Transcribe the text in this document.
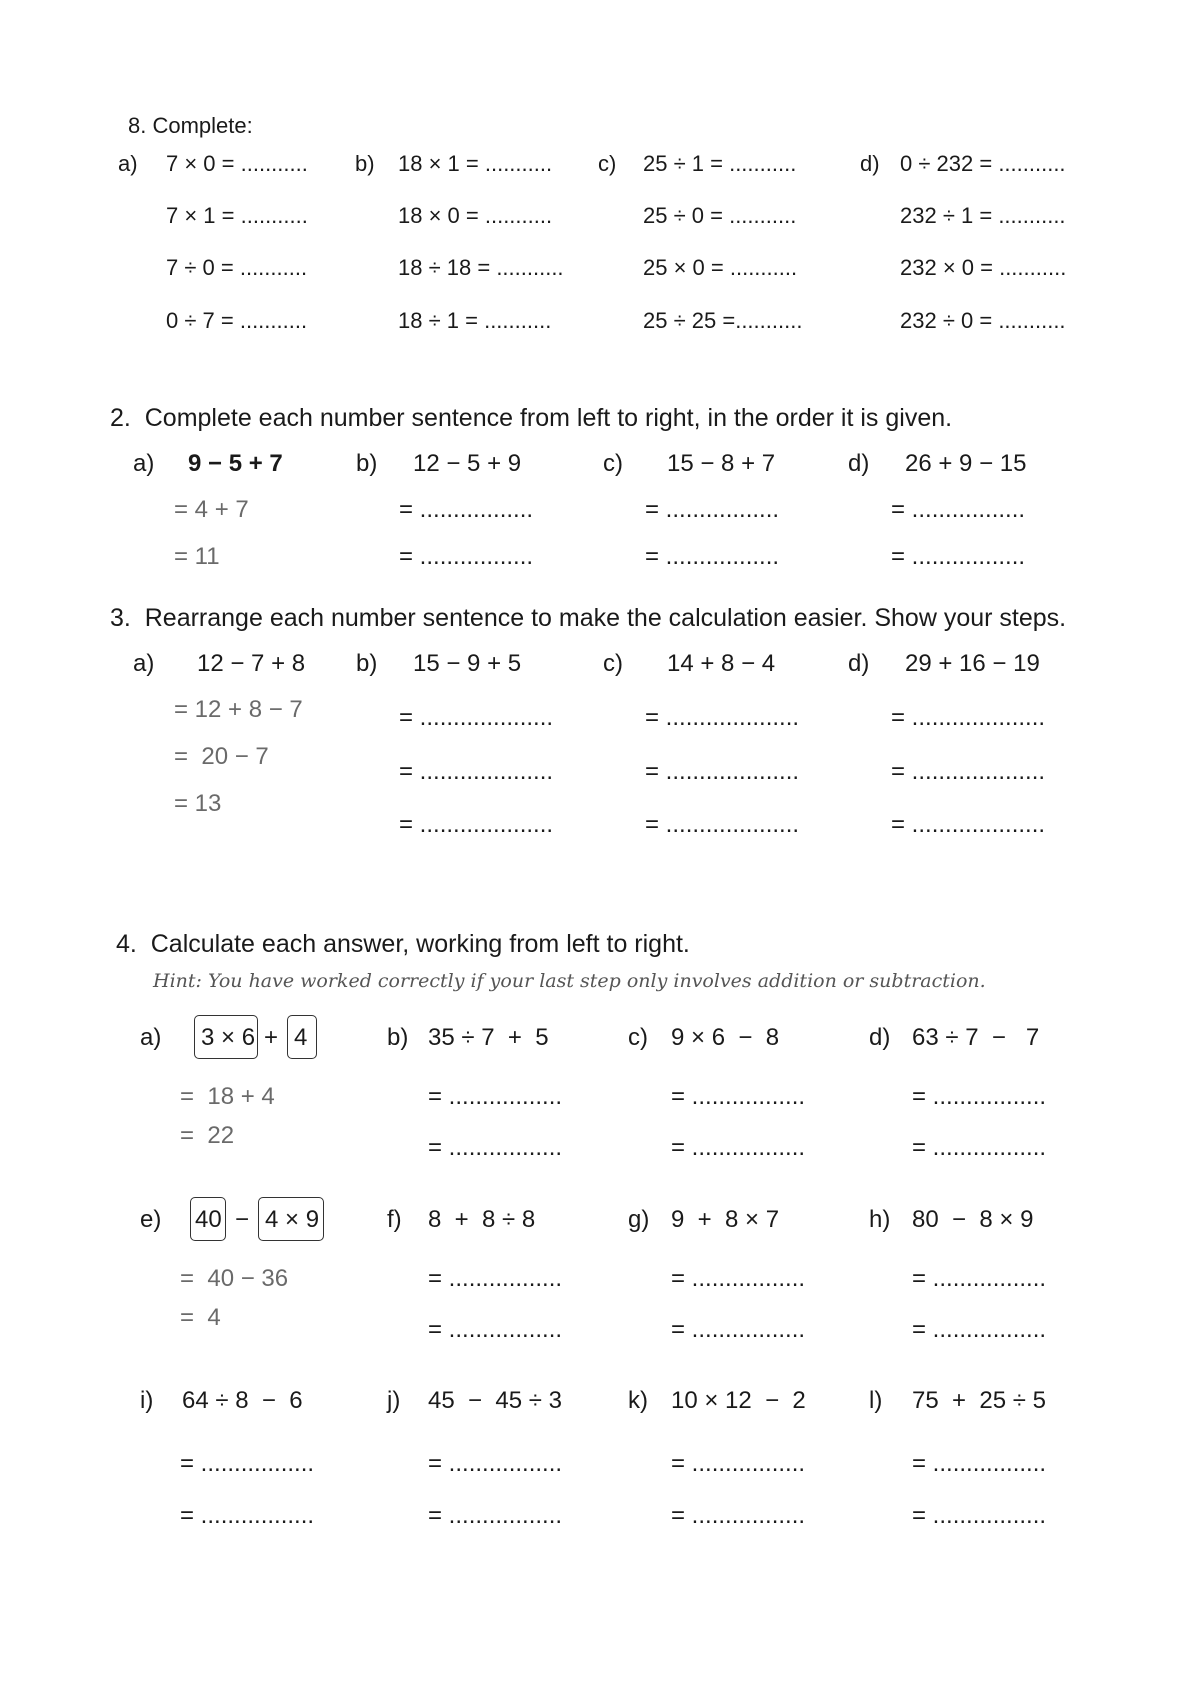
8. Complete:
a) 7 × 0 = ...........
7 × 1 = ...........
7 ÷ 0 = ...........
0 ÷ 7 = ...........
b) 18 × 1 = ...........
18 × 0 = ...........
18 ÷ 18 = ...........
18 ÷ 1 = ...........
c) 25 ÷ 1 = ...........
25 ÷ 0 = ...........
25 × 0 = ...........
25 ÷ 25 =...........
d) 0 ÷ 232 = ...........
232 ÷ 1 = ...........
232 × 0 = ...........
232 ÷ 0 = ...........
2.  Complete each number sentence from left to right, in the order it is given.
a) 9 − 5 + 7
= 4 + 7
= 11
b) 12 − 5 + 9
= .................
= .................
c) 15 − 8 + 7
= .................
= .................
d) 26 + 9 − 15
= .................
= .................
3.  Rearrange each number sentence to make the calculation easier. Show your steps.
a) 12 − 7 + 8
= 12 + 8 − 7
=  20 − 7
= 13
b) 15 − 9 + 5
= ....................
= ....................
= ....................
c) 14 + 8 − 4
= ....................
= ....................
= ....................
d) 29 + 16 − 19
= ....................
= ....................
= ....................
4.  Calculate each answer, working from left to right.
Hint: You have worked correctly if your last step only involves addition or subtraction.
a) 3 × 6 + 4
=  18 + 4
=  22
b) 35 ÷ 7  +  5
= .................
= .................
c) 9 × 6  −  8
= .................
= .................
d) 63 ÷ 7  −   7
= .................
= .................
e) 40 − 4 × 9
=  40 − 36
=  4
f) 8  +  8 ÷ 8
= .................
= .................
g) 9  +  8 × 7
= .................
= .................
h) 80  −  8 × 9
= .................
= .................
i) 64 ÷ 8  −  6
= .................
= .................
j) 45  −  45 ÷ 3
= .................
= .................
k) 10 × 12  −  2
= .................
= .................
l) 75  +  25 ÷ 5
= .................
= .................
